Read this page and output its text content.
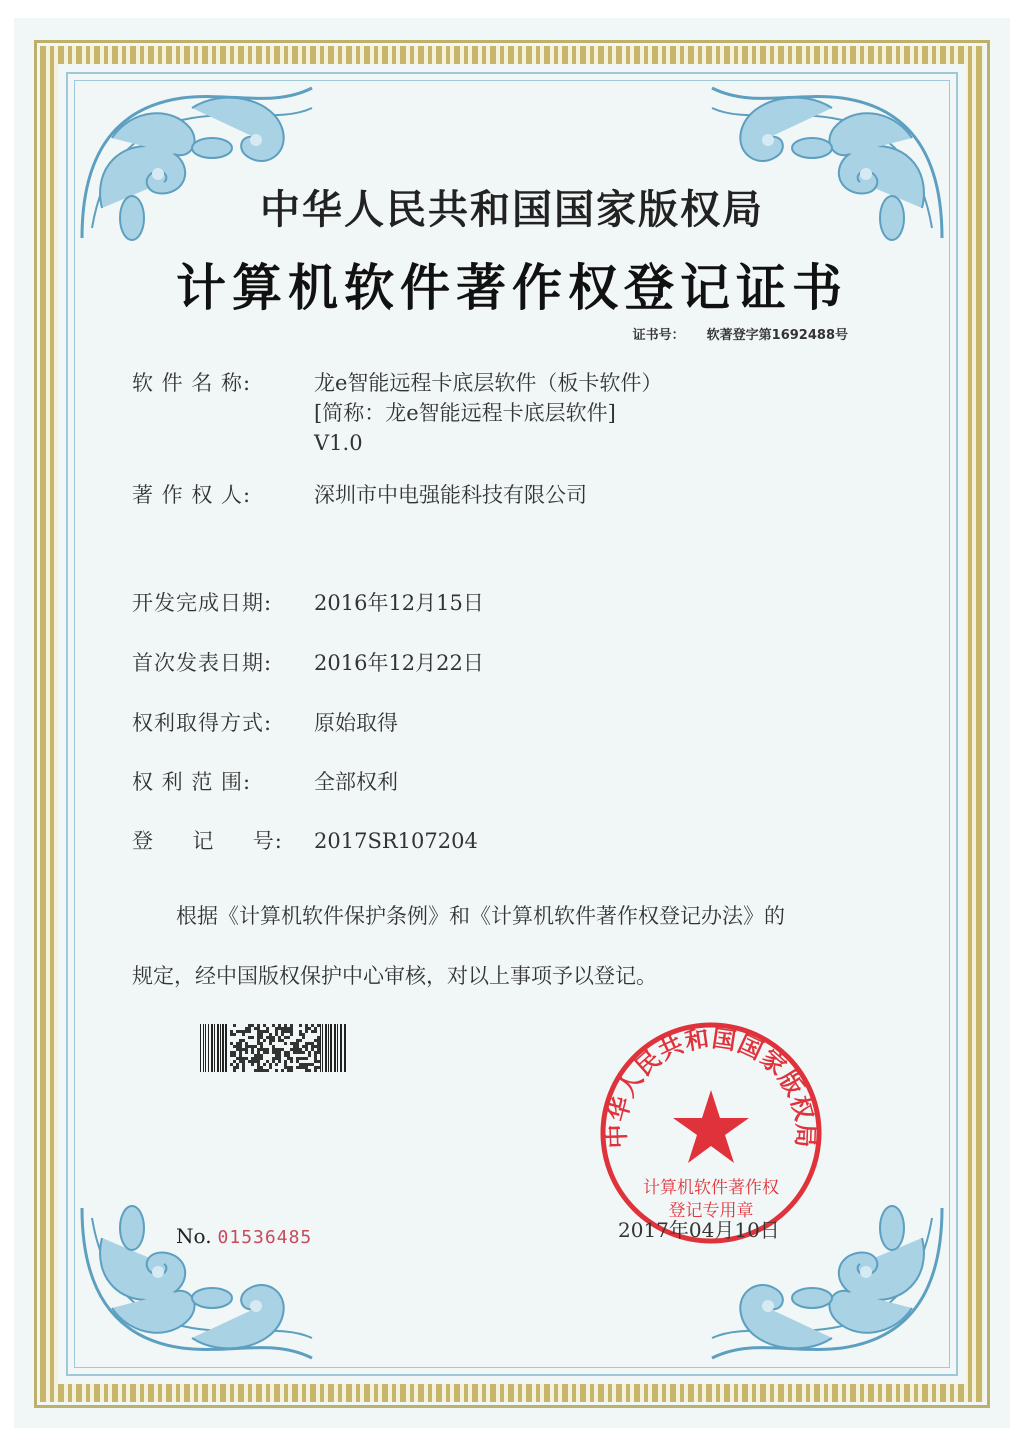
中华人民共和国国家版权局
计算机软件著作权登记证书
证书号： 软著登字第1692488号
软 件 名 称:	龙e智能远程卡底层软件（板卡软件）
[简称：龙e智能远程卡底层软件]
V1.0
著 作 权 人:	深圳市中电强能科技有限公司
开发完成日期: 2016年12月15日
首次发表日期: 2016年12月22日
权利取得方式: 原始取得
权 利 范 围:	全部权利
登     记     号: 2017SR107204
根据《计算机软件保护条例》和《计算机软件著作权登记办法》的
规定，经中国版权保护中心审核，对以上事项予以登记。
No. 01536485
中华人民共和国国家版权局
计算机软件著作权
登记专用章
2017年04月10日
